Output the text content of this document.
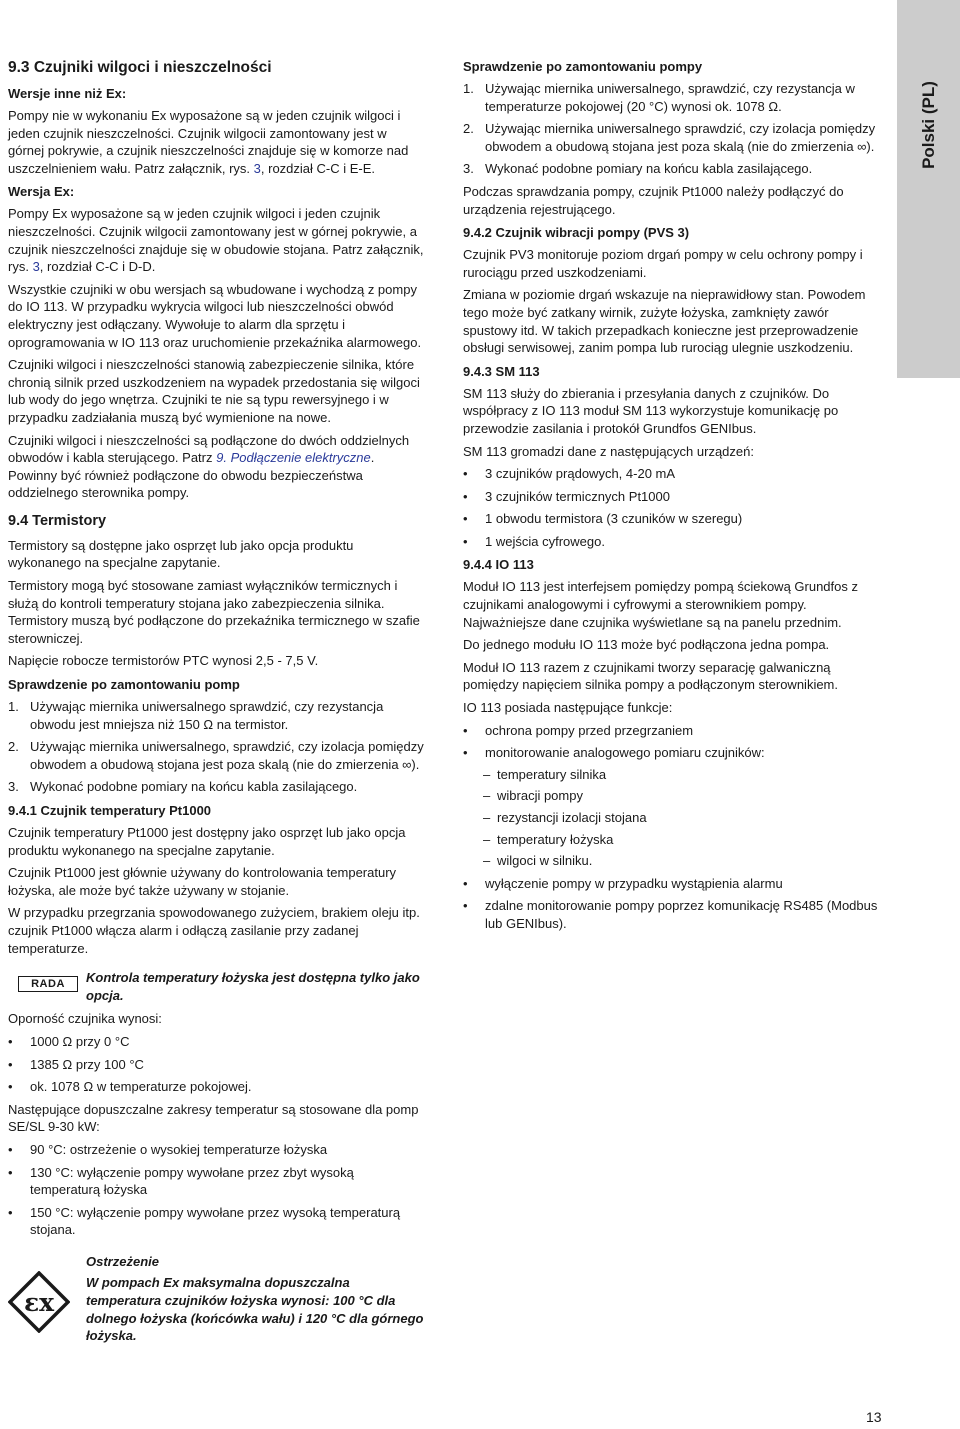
Polski (PL)
9.3 Czujniki wilgoci i nieszczelności
Wersje inne niż Ex:

Pompy nie w wykonaniu Ex wyposażone są w jeden czujnik wilgoci i jeden czujnik nieszczelności. Czujnik wilgocii zamontowany jest w górnej pokrywie, a czujnik nieszczelności znajduje się w komorze nad uszczelnieniem wału. Patrz załącznik, rys. 3, rozdział C-C i E-E.

Wersja Ex:

Pompy Ex wyposażone są w jeden czujnik wilgoci i jeden czujnik nieszczelności. Czujnik wilgocii zamontowany jest w górnej pokrywie, a czujnik nieszczelności znajduje się w obudowie stojana. Patrz załącznik, rys. 3, rozdział C-C i D-D.

Wszystkie czujniki w obu wersjach są wbudowane i wychodzą z pompy do IO 113. W przypadku wykrycia wilgoci lub nieszczelności obwód elektryczny jest odłączany. Wywołuje to alarm dla sprzętu i oprogramowania w IO 113 oraz uruchomienie przekaźnika alarmowego.

Czujniki wilgoci i nieszczelności stanowią zabezpieczenie silnika, które chronią silnik przed uszkodzeniem na wypadek przedostania się wilgoci lub wody do jego wnętrza. Czujniki te nie są typu rewersyjnego i w przypadku zadziałania muszą być wymienione na nowe.

Czujniki wilgoci i nieszczelności są podłączone do dwóch oddzielnych obwodów i kabla sterującego. Patrz 9. Podłączenie elektryczne. Powinny być również podłączone do obwodu bezpieczeństwa oddzielnego sterownika pompy.

9.4 Termistory

Termistory są dostępne jako osprzęt lub jako opcja produktu wykonanego na specjalne zapytanie.

Termistory mogą być stosowane zamiast wyłączników termicznych i służą do kontroli temperatury stojana jako zabezpieczenia silnika. Termistory muszą być podłączone do przekaźnika termicznego w szafie sterowniczej.

Napięcie robocze termistorów PTC wynosi 2,5 - 7,5 V.

Sprawdzenie po zamontowaniu pomp
1. Używając miernika uniwersalnego sprawdzić, czy rezystancja obwodu jest mniejsza niż 150 Ω na termistor.
2. Używając miernika uniwersalnego, sprawdzić, czy izolacja pomiędzy obwodem a obudową stojana jest poza skalą (nie do zmierzenia ∞).
3. Wykonać podobne pomiary na końcu kabla zasilającego.
9.4.1 Czujnik temperatury Pt1000

Czujnik temperatury Pt1000 jest dostępny jako osprzęt lub jako opcja produktu wykonanego na specjalne zapytanie.

Czujnik Pt1000 jest głównie używany do kontrolowania temperatury łożyska, ale może być także używany w stojanie.

W przypadku przegrzania spowodowanego zużyciem, brakiem oleju itp. czujnik Pt1000 włącza alarm i odłączą zasilanie przy zadanej temperaturze.

RADA	Kontrola temperatury łożyska jest dostępna tylko jako opcja.

Oporność czujnika wynosi:

• 1000 Ω przy 0 °C
• 1385 Ω przy 100 °C
• ok. 1078 Ω w temperaturze pokojowej.

Następujące dopuszczalne zakresy temperatur są stosowane dla pomp SE/SL 9-30 kW:

• 90 °C: ostrzeżenie o wysokiej temperaturze łożyska
• 130 °C: wyłączenie pompy wywołane przez zbyt wysoką temperaturą łożyska
• 150 °C: wyłączenie pompy wywołane przez wysoką temperaturą stojana.
ɛx

Ostrzeżenie

W pompach Ex maksymalna dopuszczalna temperatura czujników łożyska wynosi: 100 °C dla dolnego łożyska (końcówka wału) i 120 °C dla górnego łożyska.

Sprawdzenie po zamontowaniu pompy
1. Używając miernika uniwersalnego, sprawdzić, czy rezystancja w temperaturze pokojowej (20 °C) wynosi ok. 1078 Ω.
2. Używając miernika uniwersalnego sprawdzić, czy izolacja pomiędzy obwodem a obudową stojana jest poza skalą (nie do zmierzenia ∞).
3. Wykonać podobne pomiary na końcu kabla zasilającego.

Podczas sprawdzania pompy, czujnik Pt1000 należy podłączyć do urządzenia rejestrującego.

9.4.2 Czujnik wibracji pompy (PVS 3)

Czujnik PV3 monitoruje poziom drgań pompy w celu ochrony pompy i rurociągu przed uszkodzeniami.

Zmiana w poziomie drgań wskazuje na nieprawidłowy stan. Powodem tego może być zatkany wirnik, zużyte łożyska, zamknięty zawór spustowy itd. W takich przepadkach konieczne jest przeprowadzenie obsługi serwisowej, zanim pompa lub rurociąg ulegnie uszkodzeniu.

9.4.3 SM 113

SM 113 służy do zbierania i przesyłania danych z czujników. Do współpracy z IO 113 moduł SM 113 wykorzystuje komunikację po przewodzie zasilania i protokół Grundfos GENIbus.

SM 113 gromadzi dane z następujących urządzeń:

• 3 czujników prądowych, 4-20 mA
• 3 czujników termicznych Pt1000
• 1 obwodu termistora (3 czuników w szeregu)
• 1 wejścia cyfrowego.
9.4.4 IO 113

Moduł IO 113 jest interfejsem pomiędzy pompą ściekową Grundfos z czujnikami analogowymi i cyfrowymi a sterownikiem pompy. Najważniejsze dane czujnika wyświetlane są na panelu przednim.

Do jednego modułu IO 113 może być podłączona jedna pompa.

Moduł IO 113 razem z czujnikami tworzy separację galwaniczną pomiędzy napięciem silnika pompy a podłączonym sterownikiem.

IO 113 posiada następujące funkcje:

• ochrona pompy przed przegrzaniem
• monitorowanie analogowego pomiaru czujników:
– temperatury silnika
– wibracji pompy
– rezystancji izolacji stojana
– temperatury łożyska
– wilgoci w silniku.
• wyłączenie pompy w przypadku wystąpienia alarmu
• zdalne monitorowanie pompy poprzez komunikację RS485 (Modbus lub GENIbus).
13
